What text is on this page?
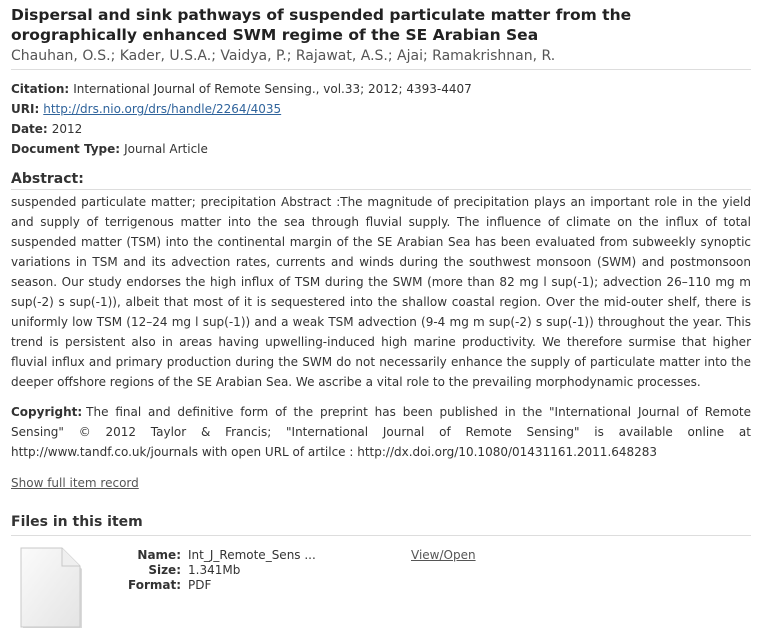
Dispersal and sink pathways of suspended particulate matter from the orographically enhanced SWM regime of the SE Arabian Sea
Chauhan, O.S.; Kader, U.S.A.; Vaidya, P.; Rajawat, A.S.; Ajai; Ramakrishnan, R.
Citation: International Journal of Remote Sensing., vol.33; 2012; 4393-4407
URI: http://drs.nio.org/drs/handle/2264/4035
Date: 2012
Document Type: Journal Article
Abstract:

suspended particulate matter; precipitation Abstract :The magnitude of precipitation plays an important role in the yield and supply of terrigenous matter into the sea through fluvial supply. The influence of climate on the influx of total suspended matter (TSM) into the continental margin of the SE Arabian Sea has been evaluated from subweekly synoptic variations in TSM and its advection rates, currents and winds during the southwest monsoon (SWM) and postmonsoon season. Our study endorses the high influx of TSM during the SWM (more than 82 mg l sup(-1); advection 26–110 mg m sup(-2) s sup(-1)), albeit that most of it is sequestered into the shallow coastal region. Over the mid-outer shelf, there is uniformly low TSM (12–24 mg l sup(-1)) and a weak TSM advection (9-4 mg m sup(-2) s sup(-1)) throughout the year. This trend is persistent also in areas having upwelling-induced high marine productivity. We therefore surmise that higher fluvial influx and primary production during the SWM do not necessarily enhance the supply of particulate matter into the deeper offshore regions of the SE Arabian Sea. We ascribe a vital role to the prevailing morphodynamic processes.

Copyright: The final and definitive form of the preprint has been published in the "International Journal of Remote Sensing" © 2012 Taylor & Francis; "International Journal of Remote Sensing" is available online at http://www.tandf.co.uk/journals with open URL of artilce : http://dx.doi.org/10.1080/01431161.2011.648283

Show full item record
Files in this item
Name:
Size:
Format:
Int_J_Remote_Sens ...
1.341Mb
PDF
View/Open
